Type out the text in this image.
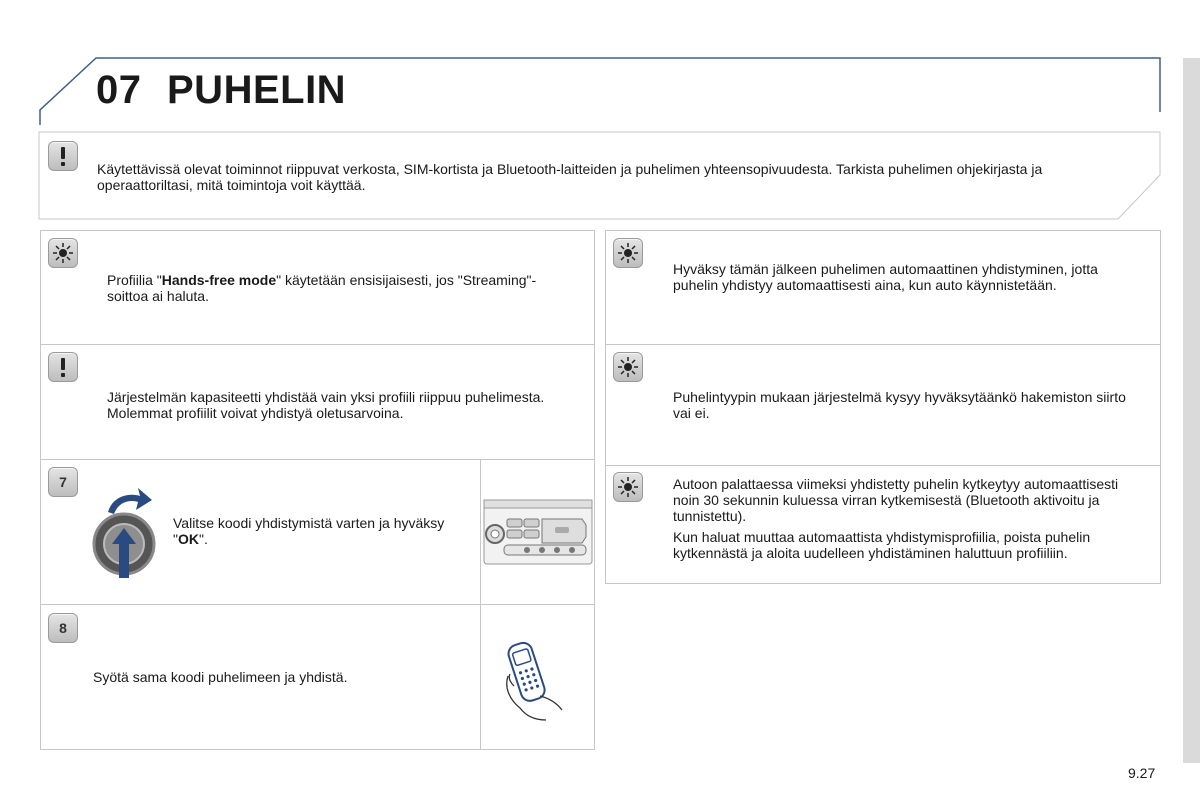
07 PUHELIN
Käytettävissä olevat toiminnot riippuvat verkosta, SIM-kortista ja Bluetooth-laitteiden ja puhelimen yhteensopivuudesta. Tarkista puhelimen ohjekirjasta ja operaattoriltasi, mitä toimintoja voit käyttää.
Profiilia "Hands-free mode" käytetään ensisijaisesti, jos "Streaming"-soittoa ai haluta.
Järjestelmän kapasiteetti yhdistää vain yksi profiili riippuu puhelimesta. Molemmat profiilit voivat yhdistyä oletusarvoina.
7
Valitse koodi yhdistymistä varten ja hyväksy "OK".
8
Syötä sama koodi puhelimeen ja yhdistä.
Hyväksy tämän jälkeen puhelimen automaattinen yhdistyminen, jotta puhelin yhdistyy automaattisesti aina, kun auto käynnistetään.
Puhelintyypin mukaan järjestelmä kysyy hyväksytäänkö hakemiston siirto vai ei.
Autoon palattaessa viimeksi yhdistetty puhelin kytkeytyy automaattisesti noin 30 sekunnin kuluessa virran kytkemisestä (Bluetooth aktivoitu ja tunnistettu).
Kun haluat muuttaa automaattista yhdistymisprofiilia, poista puhelin kytkennästä ja aloita uudelleen yhdistäminen haluttuun profiiliin.
9.27
